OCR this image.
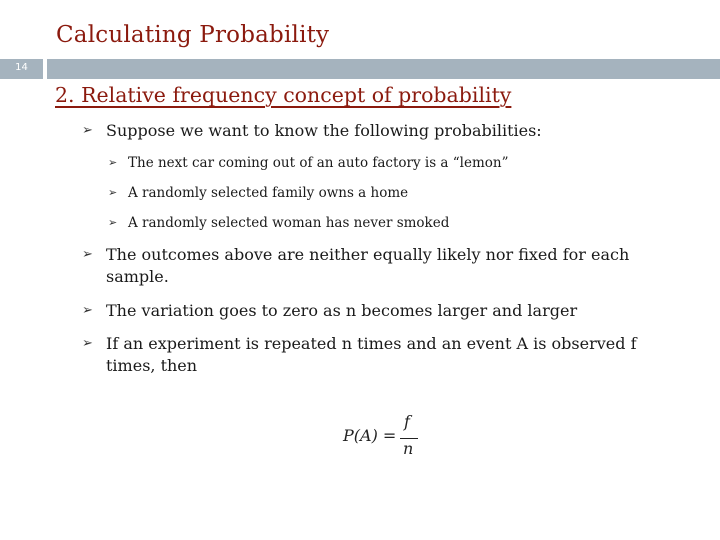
Calculating Probability
14
2. Relative frequency concept of probability
➢ Suppose we want to know the following probabilities:
➢ The next car coming out of an auto factory is a “lemon”
➢ A randomly selected family owns a home
➢ A randomly selected woman has never smoked
➢ The outcomes above are neither equally likely nor fixed for each sample.
➢ The variation goes to zero as n becomes larger and larger
➢ If an experiment is repeated n times and an event A is observed f times, then
P(A) =
f
n
